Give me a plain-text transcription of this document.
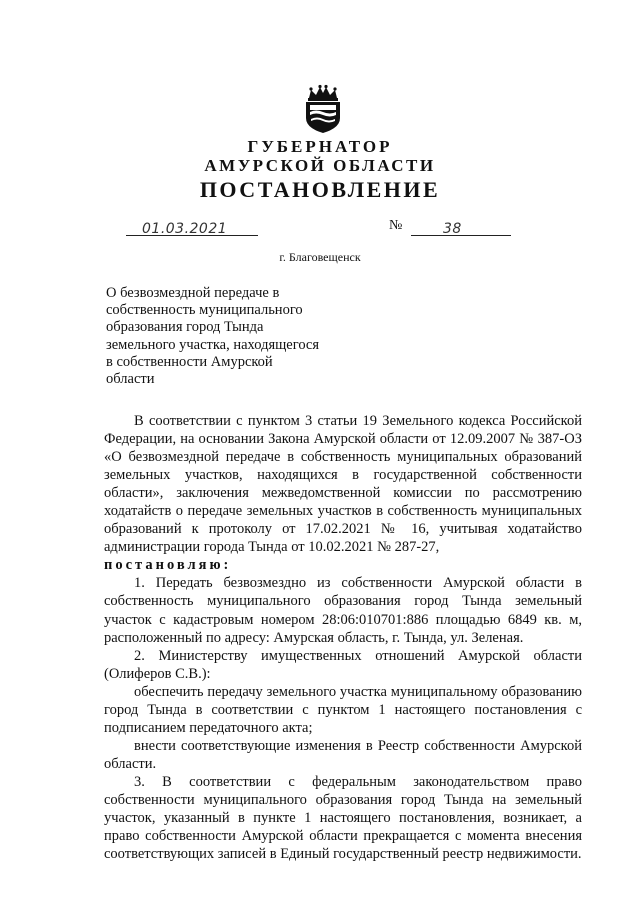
ГУБЕРНАТОР
АМУРСКОЙ ОБЛАСТИ
ПОСТАНОВЛЕНИЕ
01.03.2021	№	38
г. Благовещенск
О безвозмездной передаче в
собственность муниципального
образования город Тында
земельного участка, находящегося
в собственности Амурской
области

В соответствии с пунктом 3 статьи 19 Земельного кодекса Российской Федерации, на основании Закона Амурской области от 12.09.2007 № 387-ОЗ «О безвозмездной передаче в собственность муниципальных образований земельных участков, находящихся в государственной собственности области», заключения межведомственной комиссии по рассмотрению ходатайств о передаче земельных участков в собственность муниципальных образований к протоколу от 17.02.2021 № 16, учитывая ходатайство администрации города Тында от 10.02.2021 № 287-27,

постановляю:

1. Передать безвозмездно из собственности Амурской области в собственность муниципального образования город Тында земельный участок с кадастровым номером 28:06:010701:886 площадью 6849 кв. м, расположенный по адресу: Амурская область, г. Тында, ул. Зеленая.

2. Министерству имущественных отношений Амурской области (Олиферов С.В.):

обеспечить передачу земельного участка муниципальному образованию город Тында в соответствии с пунктом 1 настоящего постановления с подписанием передаточного акта;

внести соответствующие изменения в Реестр собственности Амурской области.

3. В соответствии с федеральным законодательством право собственности муниципального образования город Тында на земельный участок, указанный в пункте 1 настоящего постановления, возникает, а право собственности Амурской области прекращается с момента внесения соответствующих записей в Единый государственный реестр недвижимости.
